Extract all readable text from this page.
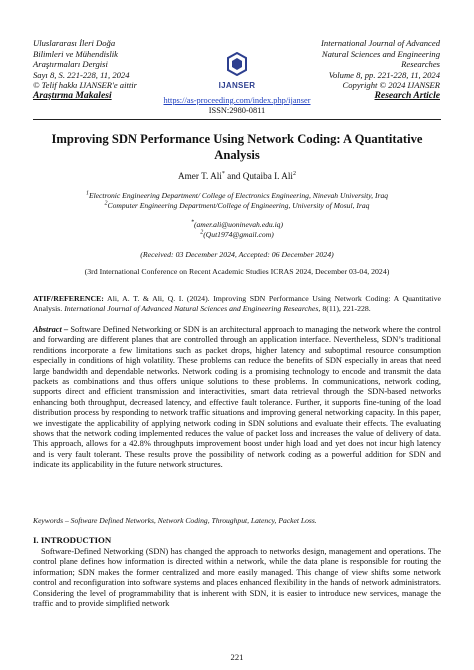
Uluslararası İleri Doğa
Bilimleri ve Mühendislik
Araştırmaları Dergisi
Sayı 8, S. 221-228, 11, 2024
© Telif hakkı IJANSER'e aittir
Araştırma Makalesi
International Journal of Advanced
Natural Sciences and Engineering
Researches
Volume 8, pp. 221-228, 11, 2024
Copyright © 2024 IJANSER
Research Article
IJANSER
https://as-proceeding.com/index.php/ijanser
ISSN:2980-0811
Improving SDN Performance Using Network Coding: A Quantitative Analysis
Amer T. Ali* and Qutaiba I. Ali$^2$
$^1$Electronic Engineering Department/ College of Electronics Engineering, Ninevah University, Iraq
$^2$Computer Engineering Department/College of Engineering, University of Mosul, Iraq
*(amer.ali@uoninevah.edu.iq)
$^2$(Qut1974@gmail.com)
(Received: 03 December 2024, Accepted: 06 December 2024)
(3rd International Conference on Recent Academic Studies ICRAS 2024, December 03-04, 2024)
ATIF/REFERENCE: Ali, A. T. & Ali, Q. I. (2024). Improving SDN Performance Using Network Coding: A Quantitative Analysis. International Journal of Advanced Natural Sciences and Engineering Researches, 8(11), 221-228.
Abstract – Software Defined Networking or SDN is an architectural approach to managing the network where the control and forwarding are different planes that are controlled through an application interface. Nevertheless, SDN’s traditional renditions incorporate a few limitations such as packet drops, higher latency and suboptimal resource consumption especially in conditions of high volatility. These problems can reduce the benefits of SDN especially in areas that need large bandwidth and dependable networks. Network coding is a promising technology to encode and transmit the data packets as combinations and thus offers unique solutions to these problems. In communications, network coding, supports direct and efficient transmission and interactivities, smart data retrieval through the SDN-based networks enhancing both throughput, decreased latency, and effective fault tolerance. Further, it supports fine-tuning of the load distribution process by responding to network traffic situations and improving general networking capacity. In this paper, we investigate the applicability of applying network coding in SDN solutions and evaluate their effects. The evaluating shows that the network coding implemented reduces the value of packet loss and increases the value of delivery of data. This approach, allows for a 42.8% throughputs improvement boost under high load and yet does not incur high latency and is very fault tolerant. These results prove the possibility of network coding as a powerful addition for SDN and indicate its applicability in the future network structures.
Keywords – Software Defined Networks, Network Coding, Throughput, Latency, Packet Loss.
I. INTRODUCTION
Software-Defined Networking (SDN) has changed the approach to networks design, management and operations. The control plane defines how information is directed within a network, while the data plane is responsible for routing the information; SDN makes the former centralized and more easily managed. This change of view shifts some network control and reconfiguration into software systems and places enhanced flexibility in the hands of network administrators. Considering the level of programmability that is inherent with SDN, it is easier to introduce new services, manage the traffic and to provide simplified network
221
